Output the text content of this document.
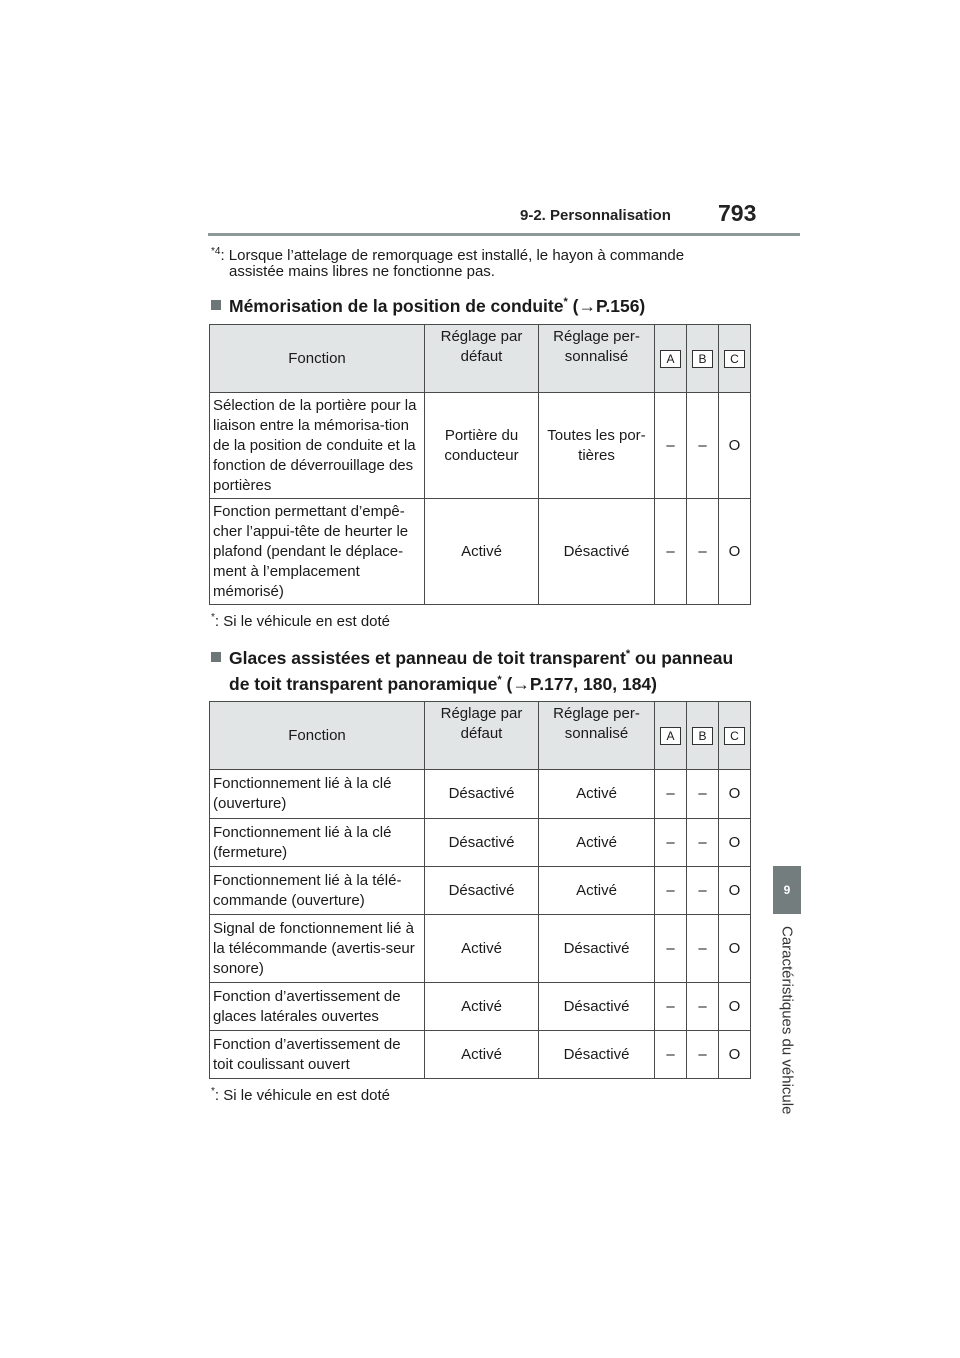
9-2. Personnalisation 793
9
Caractéristiques du véhicule
$^{*4}$: Lorsque l’attelage de remorquage est installé, le hayon à commande
assistée mains libres ne fonctionne pas.
Mémorisation de la position de conduite* (→P.156)
Fonction	Réglage par défaut	Réglage per-sonnalisé	A	B	C
Sélection de la portière pour la liaison entre la mémorisa-tion de la position de conduite et la fonction de déverrouillage des portières	Portière du conducteur	Toutes les por-tières	–	–	O
Fonction permettant d’empê-cher l’appui-tête de heurter le plafond (pendant le déplace-ment à l’emplacement mémorisé)	Activé	Désactivé	–	–	O
*: Si le véhicule en est doté
Glaces assistées et panneau de toit transparent* ou panneau
de toit transparent panoramique* (→P.177, 180, 184)
Fonction	Réglage par défaut	Réglage per-sonnalisé	A	B	C
Fonctionnement lié à la clé (ouverture)	Désactivé	Activé	–	–	O
Fonctionnement lié à la clé (fermeture)	Désactivé	Activé	–	–	O
Fonctionnement lié à la télé-commande (ouverture)	Désactivé	Activé	–	–	O
Signal de fonctionnement lié à la télécommande (avertis-seur sonore)	Activé	Désactivé	–	–	O
Fonction d’avertissement de glaces latérales ouvertes	Activé	Désactivé	–	–	O
Fonction d’avertissement de toit coulissant ouvert	Activé	Désactivé	–	–	O
*: Si le véhicule en est doté
